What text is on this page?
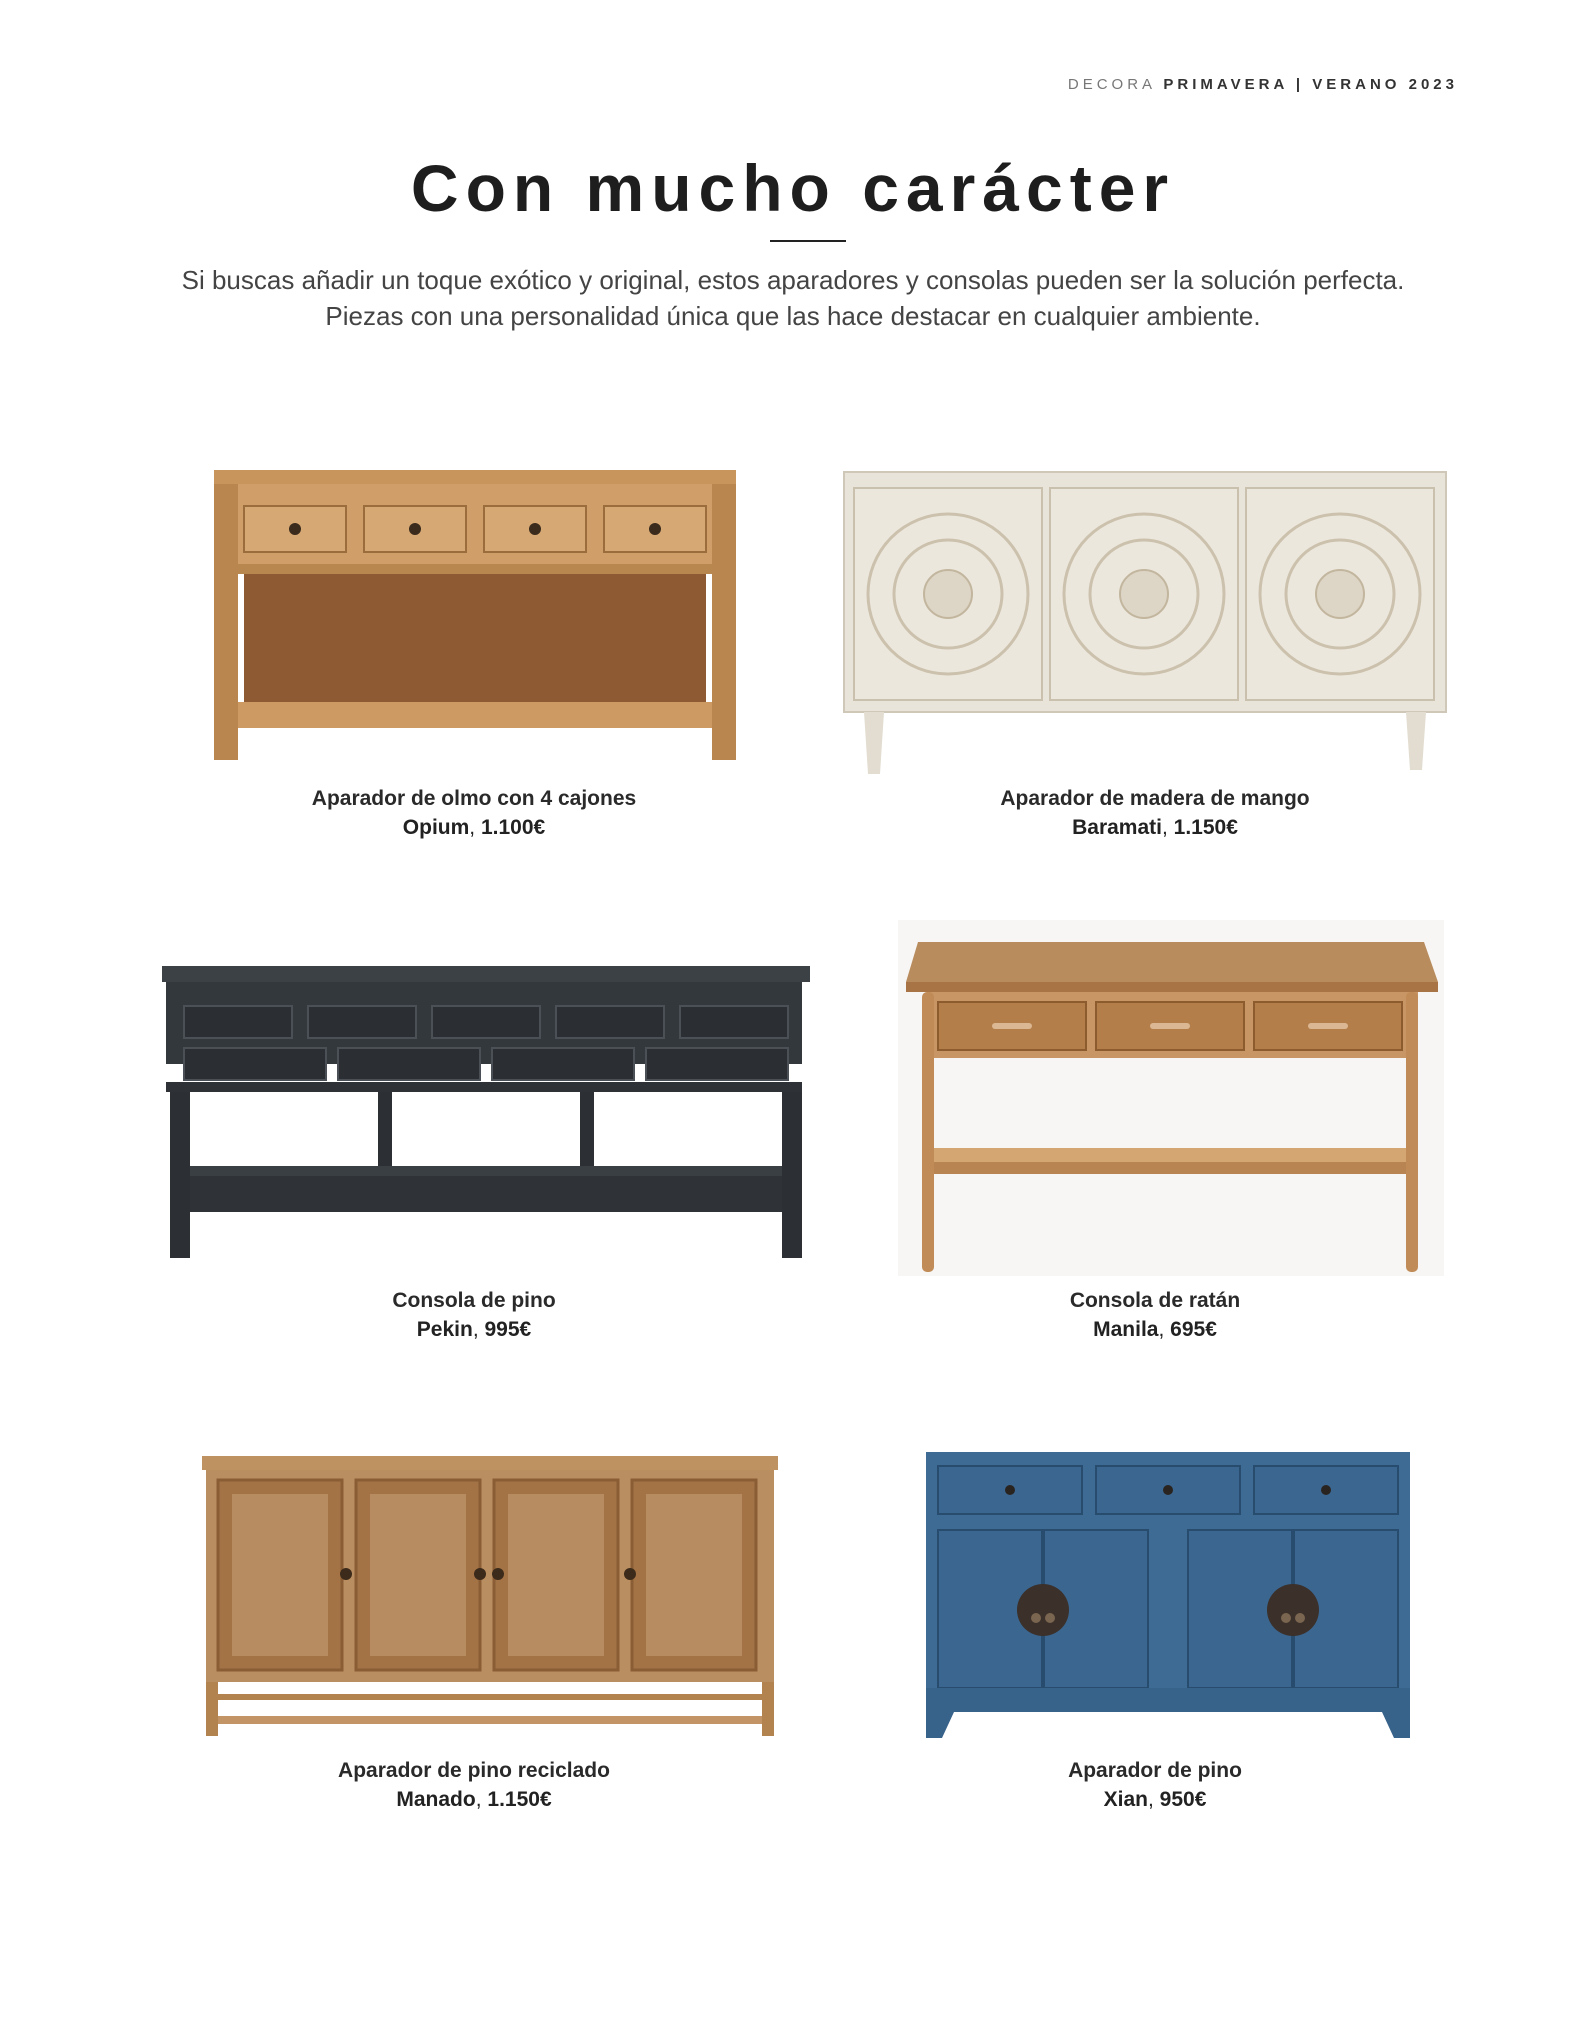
DECORA PRIMAVERA | VERANO 2023
Con mucho carácter

Si buscas añadir un toque exótico y original, estos aparadores y consolas pueden ser la solución perfecta. Piezas con una personalidad única que las hace destacar en cualquier ambiente.

Aparador de olmo con 4 cajones
Opium, 1.100€
Aparador de madera de mango
Baramati, 1.150€
Consola de pino
Pekin, 995€
Consola de ratán
Manila, 695€
Aparador de pino reciclado
Manado, 1.150€
Aparador de pino
Xian, 950€
